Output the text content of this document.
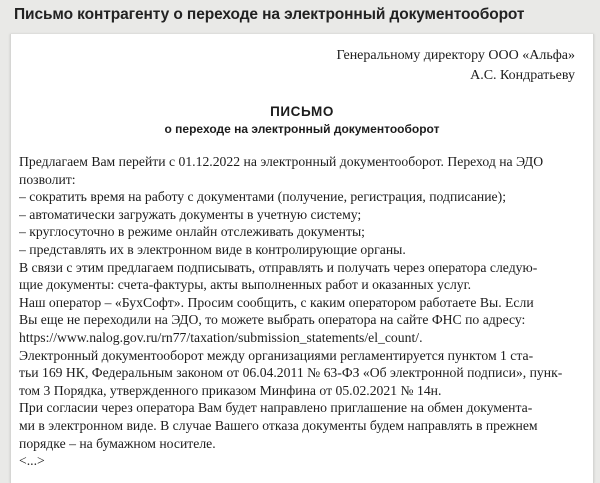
Письмо контрагенту о переходе на электронный документооборот
Генеральному директору ООО «Альфа»
А.С. Кондратьеву
ПИСЬМО
о переходе на электронный документооборот
Предлагаем Вам перейти с 01.12.2022 на электронный документооборот. Переход на ЭДО
позволит:
– сократить время на работу с документами (получение, регистрация, подписание);
– автоматически загружать документы в учетную систему;
– круглосуточно в режиме онлайн отслеживать документы;
– представлять их в электронном виде в контролирующие органы.
В связи с этим предлагаем подписывать, отправлять и получать через оператора следую-
щие документы: счета-фактуры, акты выполненных работ и оказанных услуг.
Наш оператор – «БухСофт». Просим сообщить, с каким оператором работаете Вы. Если
Вы еще не переходили на ЭДО, то можете выбрать оператора на сайте ФНС по адресу:
https://www.nalog.gov.ru/rn77/taxation/submission_statements/el_count/.
Электронный документооборот между организациями регламентируется пунктом 1 ста-
тьи 169 НК, Федеральным законом от 06.04.2011 № 63-ФЗ «Об электронной подписи», пунк-
том 3 Порядка, утвержденного приказом Минфина от 05.02.2021 № 14н.
При согласии через оператора Вам будет направлено приглашение на обмен документа-
ми в электронном виде. В случае Вашего отказа документы будем направлять в прежнем
порядке – на бумажном носителе.
<...>
